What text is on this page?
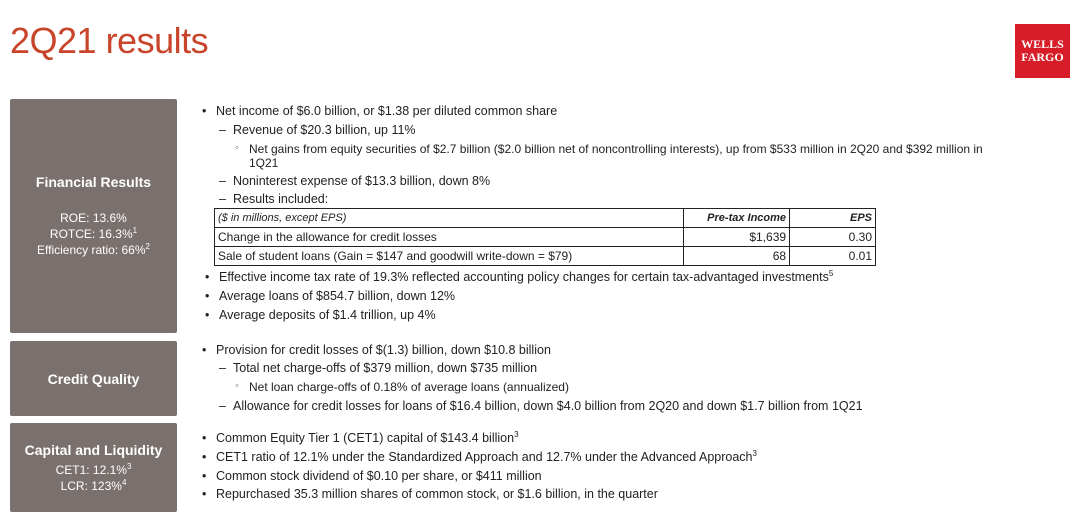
2Q21 results	WELLS
FARGO
Financial Results
ROE: 13.6%
ROTCE: 16.3%$^1$
Efficiency ratio: 66%$^2$
Credit Quality
Capital and Liquidity
CET1: 12.1%$^3$
LCR: 123%$^4$
• Net income of $6.0 billion, or $1.38 per diluted common share
– Revenue of $20.3 billion, up 11%
◦ Net gains from equity securities of $2.7 billion ($2.0 billion net of noncontrolling interests), up from $533 million in 2Q20 and $392 million in
1Q21
– Noninterest expense of $13.3 billion, down 8%
– Results included:
($ in millions, except EPS)	Pre-tax Income	EPS
Change in the allowance for credit losses	$1,639	0.30
Sale of student loans (Gain = $147 and goodwill write-down = $79)	68	0.01
• Effective income tax rate of 19.3% reflected accounting policy changes for certain tax-advantaged investments$^5$
• Average loans of $854.7 billion, down 12%
• Average deposits of $1.4 trillion, up 4%
• Provision for credit losses of $(1.3) billion, down $10.8 billion
– Total net charge-offs of $379 million, down $735 million
◦ Net loan charge-offs of 0.18% of average loans (annualized)
– Allowance for credit losses for loans of $16.4 billion, down $4.0 billion from 2Q20 and down $1.7 billion from 1Q21
• Common Equity Tier 1 (CET1) capital of $143.4 billion$^3$
• CET1 ratio of 12.1% under the Standardized Approach and 12.7% under the Advanced Approach$^3$
• Common stock dividend of $0.10 per share, or $411 million
• Repurchased 35.3 million shares of common stock, or $1.6 billion, in the quarter
